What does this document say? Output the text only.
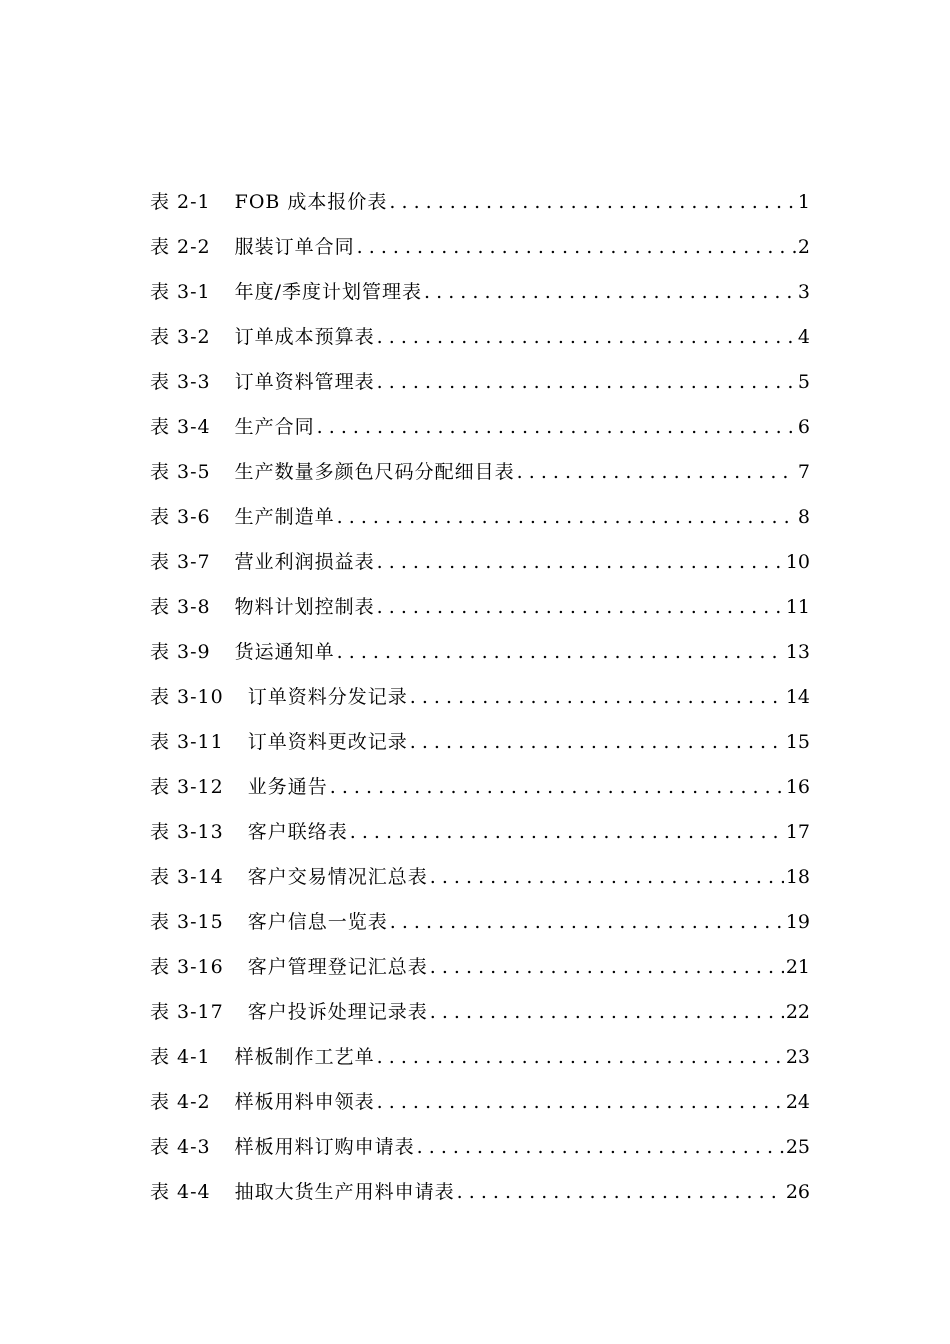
表 2-1 FOB 成本报价表 . . .	1
表 2-2 服装订单合同 . . .	2
表 3-1 年度/季度计划管理表 . . .	3
表 3-2 订单成本预算表 . . .	4
表 3-3 订单资料管理表 . . .	5
表 3-4 生产合同 . . .	6
表 3-5 生产数量多颜色尺码分配细目表 . . .	7
表 3-6 生产制造单 . . .	8
表 3-7 营业利润损益表 . . .	10
表 3-8 物料计划控制表 . . .	11
表 3-9 货运通知单 . . .	13
表 3-10 订单资料分发记录 . . .	14
表 3-11 订单资料更改记录 . . .	15
表 3-12 业务通告 . . .	16
表 3-13 客户联络表 . . .	17
表 3-14 客户交易情况汇总表 . . .	18
表 3-15 客户信息一览表 . . .	19
表 3-16 客户管理登记汇总表 . . .	21
表 3-17 客户投诉处理记录表 . . .	22
表 4-1 样板制作工艺单 . . .	23
表 4-2 样板用料申领表 . . .	24
表 4-3 样板用料订购申请表 . . .	25
表 4-4 抽取大货生产用料申请表 . . .	26
